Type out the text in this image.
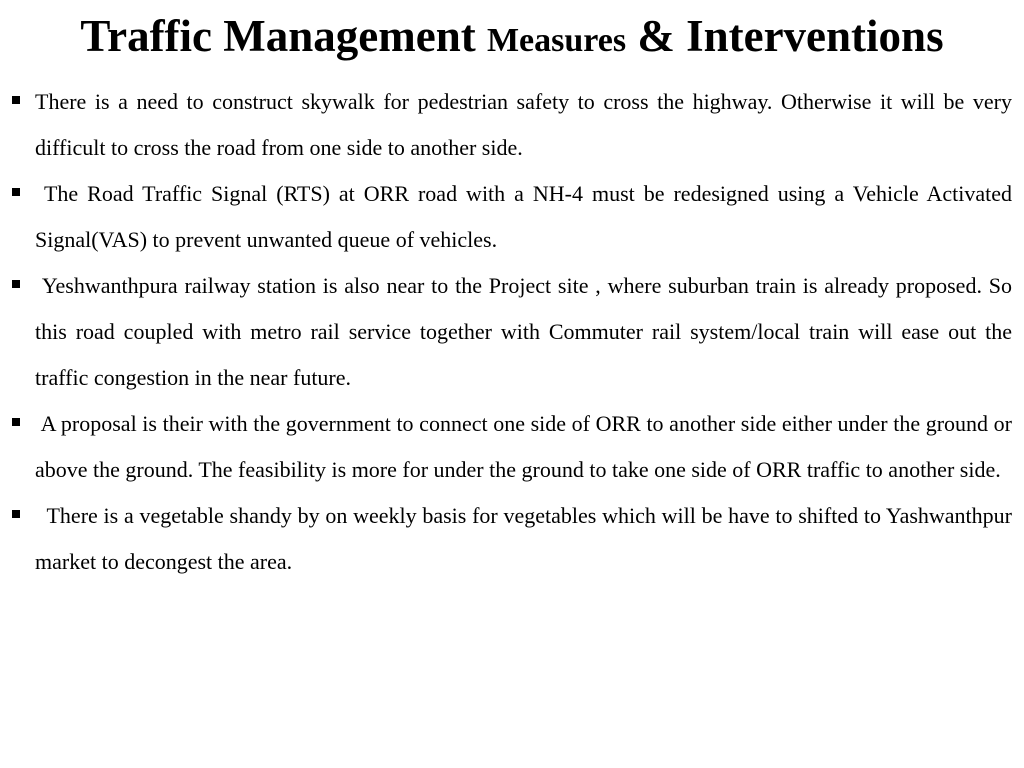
Traffic Management Measures & Interventions
There is a need to construct skywalk for pedestrian safety to cross the highway. Otherwise it will be very difficult to cross the road from one side to another side.
The Road Traffic Signal (RTS) at ORR road with a NH-4 must be redesigned using a Vehicle Activated Signal(VAS) to prevent unwanted queue of vehicles.
Yeshwanthpura railway station is also near to the Project site , where suburban train is already proposed. So this road coupled with metro rail service together with Commuter rail system/local train will ease out the traffic congestion in the near future.
A proposal is their with the government to connect one side of ORR to another side either under the ground or above the ground. The feasibility is more for under the ground to take one side of ORR traffic to another side.
There is a vegetable shandy by on weekly basis for vegetables which will be have to shifted to Yashwanthpur market to decongest the area.
